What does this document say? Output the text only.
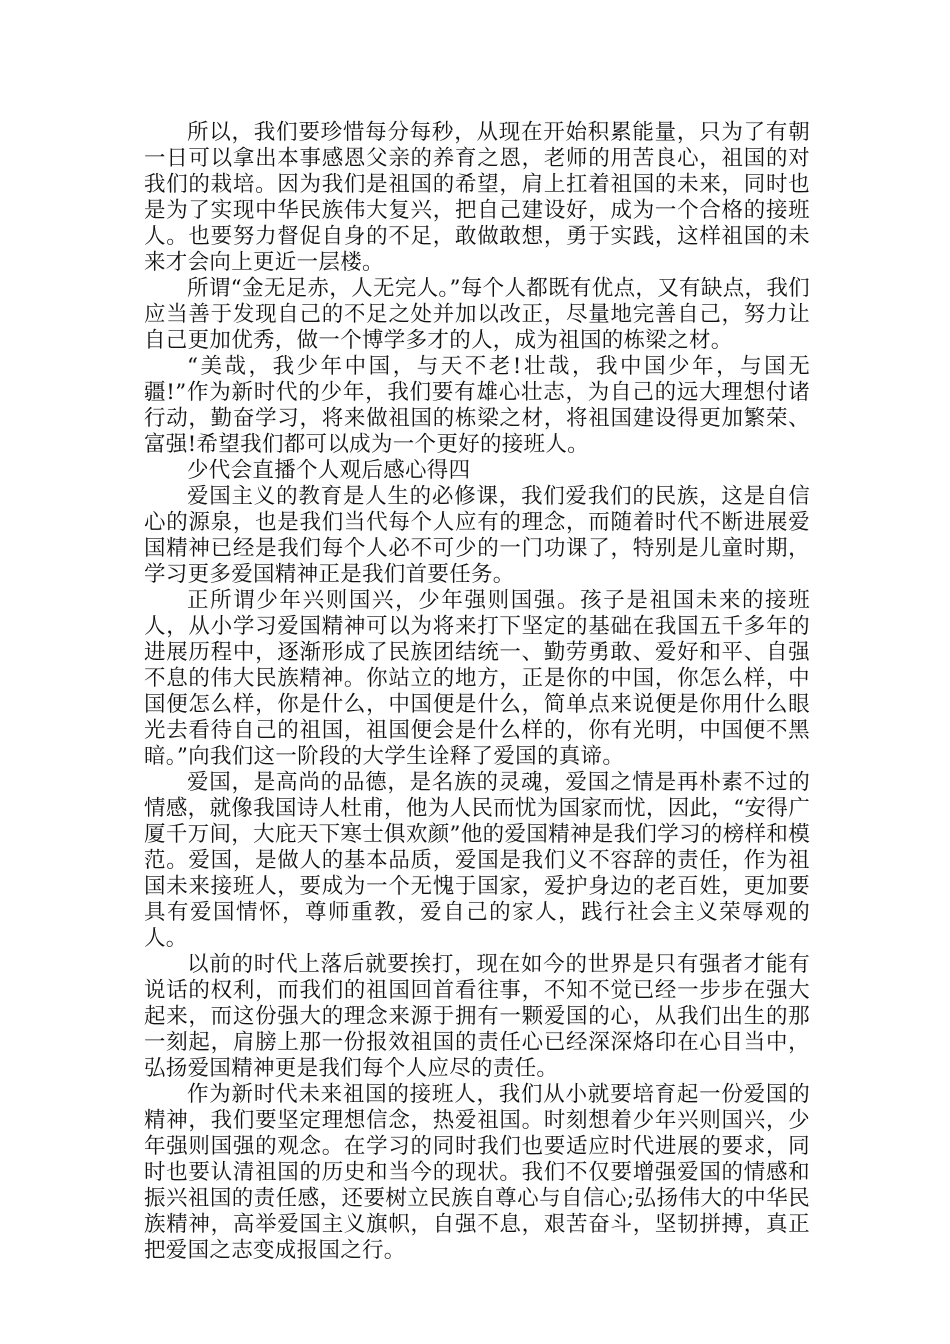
所以，我们要珍惜每分每秒，从现在开始积累能量，只为了有朝一日可以拿出本事感恩父亲的养育之恩，老师的用苦良心，祖国的对我们的栽培。因为我们是祖国的希望，肩上扛着祖国的未来，同时也是为了实现中华民族伟大复兴，把自己建设好，成为一个合格的接班人。也要努力督促自身的不足，敢做敢想，勇于实践，这样祖国的未来才会向上更近一层楼。

所谓“金无足赤，人无完人。”每个人都既有优点，又有缺点，我们应当善于发现自己的不足之处并加以改正，尽量地完善自己，努力让自己更加优秀，做一个博学多才的人，成为祖国的栋梁之材。

“美哉，我少年中国，与天不老!壮哉，我中国少年，与国无疆!”作为新时代的少年，我们要有雄心壮志，为自己的远大理想付诸行动，勤奋学习，将来做祖国的栋梁之材，将祖国建设得更加繁荣、富强!希望我们都可以成为一个更好的接班人。

少代会直播个人观后感心得四

爱国主义的教育是人生的必修课，我们爱我们的民族，这是自信心的源泉，也是我们当代每个人应有的理念，而随着时代不断进展爱国精神已经是我们每个人必不可少的一门功课了，特别是儿童时期，学习更多爱国精神正是我们首要任务。

正所谓少年兴则国兴，少年强则国强。孩子是祖国未来的接班人，从小学习爱国精神可以为将来打下坚定的基础在我国五千多年的进展历程中，逐渐形成了民族团结统一、勤劳勇敢、爱好和平、自强不息的伟大民族精神。你站立的地方，正是你的中国，你怎么样，中国便怎么样，你是什么，中国便是什么，简单点来说便是你用什么眼光去看待自己的祖国，祖国便会是什么样的，你有光明，中国便不黑暗。”向我们这一阶段的大学生诠释了爱国的真谛。

爱国，是高尚的品德，是名族的灵魂，爱国之情是再朴素不过的情感，就像我国诗人杜甫，他为人民而忧为国家而忧，因此，“安得广厦千万间，大庇天下寒士俱欢颜”他的爱国精神是我们学习的榜样和模范。爱国，是做人的基本品质，爱国是我们义不容辞的责任，作为祖国未来接班人，要成为一个无愧于国家，爱护身边的老百姓，更加要具有爱国情怀，尊师重教，爱自己的家人，践行社会主义荣辱观的人。

以前的时代上落后就要挨打，现在如今的世界是只有强者才能有说话的权利，而我们的祖国回首看往事，不知不觉已经一步步在强大起来，而这份强大的理念来源于拥有一颗爱国的心，从我们出生的那一刻起，肩膀上那一份报效祖国的责任心已经深深烙印在心目当中，弘扬爱国精神更是我们每个人应尽的责任。

作为新时代未来祖国的接班人，我们从小就要培育起一份爱国的精神，我们要坚定理想信念，热爱祖国。时刻想着少年兴则国兴，少年强则国强的观念。在学习的同时我们也要适应时代进展的要求，同时也要认清祖国的历史和当今的现状。我们不仅要增强爱国的情感和振兴祖国的责任感，还要树立民族自尊心与自信心;弘扬伟大的中华民族精神，高举爱国主义旗帜，自强不息，艰苦奋斗，坚韧拼搏，真正把爱国之志变成报国之行。
